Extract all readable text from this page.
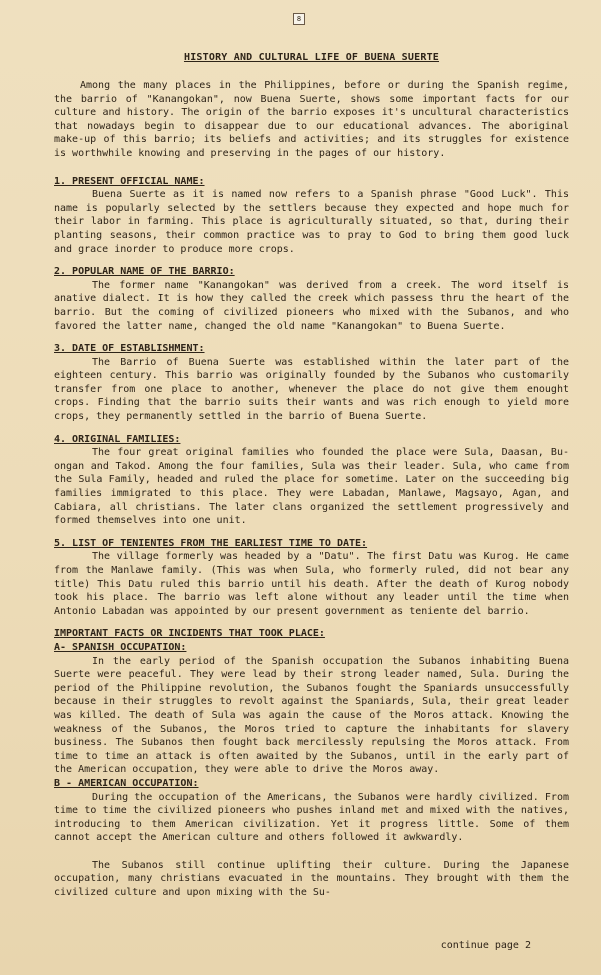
8

HISTORY AND CULTURAL LIFE OF BUENA SUERTE

Among the many places in the Philippines, before or during the Spanish regime, the barrio of "Kanangokan", now Buena Suerte, shows some important facts for our culture and history. The origin of the barrio exposes it's uncultural characteristics that nowadays begin to disappear due to our educational advances. The aboriginal make-up of this barrio; its beliefs and activities; and its struggles for existence is worthwhile knowing and preserving in the pages of our history.

1. PRESENT OFFICIAL NAME:

Buena Suerte as it is named now refers to a Spanish phrase "Good Luck". This name is popularly selected by the settlers because they expected and hope much for their labor in farming. This place is agriculturally situated, so that, during their planting seasons, their common practice was to pray to God to bring them good luck and grace inorder to produce more crops.

2. POPULAR NAME OF THE BARRIO:

The former name "Kanangokan" was derived from a creek. The word itself is anative dialect. It is how they called the creek which passess thru the heart of the barrio. But the coming of civilized pioneers who mixed with the Subanos, and who favored the latter name, changed the old name "Kanangokan" to Buena Suerte.

3. DATE OF ESTABLISHMENT:

The Barrio of Buena Suerte was established within the later part of the eighteen century. This barrio was originally founded by the Subanos who customarily transfer from one place to another, whenever the place do not give them enought crops. Finding that the barrio suits their wants and was rich enough to yield more crops, they permanently settled in the barrio of Buena Suerte.

4. ORIGINAL FAMILIES:

The four great original families who founded the place were Sula, Daasan, Bu-ongan and Takod. Among the four families, Sula was their leader. Sula, who came from the Sula Family, headed and ruled the place for sometime. Later on the succeeding big families immigrated to this place. They were Labadan, Manlawe, Magsayo, Agan, and Cabiara, all christians. The later clans organized the settlement progressively and formed themselves into one unit.

5. LIST OF TENIENTES FROM THE EARLIEST TIME TO DATE:

The village formerly was headed by a "Datu". The first Datu was Kurog. He came from the Manlawe family. (This was when Sula, who formerly ruled, did not bear any title) This Datu ruled this barrio until his death. After the death of Kurog nobody took his place. The barrio was left alone without any leader until the time when Antonio Labadan was appointed by our present government as teniente del barrio.

IMPORTANT FACTS OR INCIDENTS THAT TOOK PLACE:

A- SPANISH OCCUPATION:

In the early period of the Spanish occupation the Subanos inhabiting Buena Suerte were peaceful. They were lead by their strong leader named, Sula. During the period of the Philippine revolution, the Subanos fought the Spaniards unsuccessfully because in their struggles to revolt against the Spaniards, Sula, their great leader was killed. The death of Sula was again the cause of the Moros attack. Knowing the weakness of the Subanos, the Moros tried to capture the inhabitants for slavery business. The Subanos then fought back mercilessly repulsing the Moros attack. From time to time an attack is often awaited by the Subanos, until in the early part of the American occupation, they were able to drive the Moros away.

B - AMERICAN OCCUPATION:

During the occupation of the Americans, the Subanos were hardly civilized. From time to time the civilized pioneers who pushes inland met and mixed with the natives, introducing to them American civilization. Yet it progress little. Some of them cannot accept the American culture and others followed it awkwardly.

The Subanos still continue uplifting their culture. During the Japanese occupation, many christians evacuated in the mountains. They brought with them the civilized culture and upon mixing with the Su-

continue page 2
